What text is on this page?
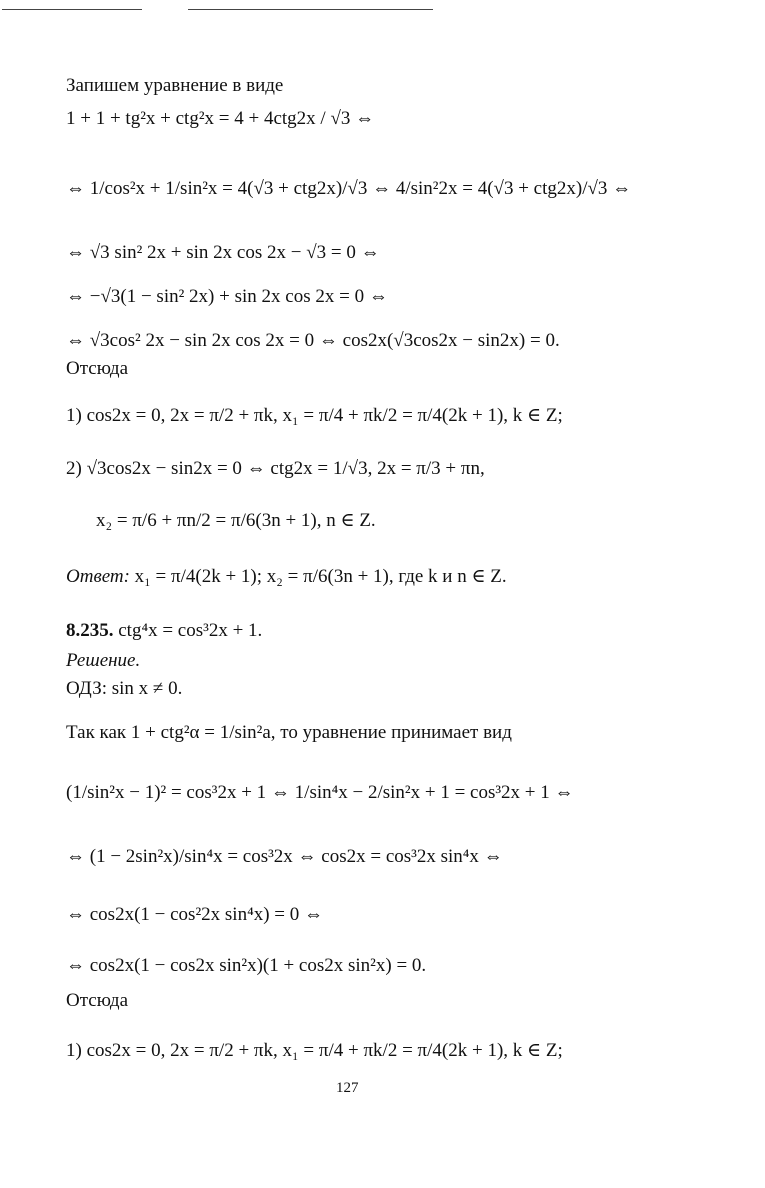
Запишем уравнение в виде
1 + 1 + tg²x + ctg²x = 4 + 4ctg2x / √3 ⇔
⇔ 1/cos²x + 1/sin²x = 4(√3 + ctg2x)/√3 ⇔ 4/sin²2x = 4(√3 + ctg2x)/√3 ⇔
⇔ √3 sin² 2x + sin 2x cos 2x − √3 = 0 ⇔
⇔ −√3(1 − sin² 2x) + sin 2x cos 2x = 0 ⇔
⇔ √3cos² 2x − sin 2x cos 2x = 0 ⇔ cos2x(√3cos2x − sin2x) = 0.
Отсюда
1) cos2x = 0, 2x = π/2 + πk, x₁ = π/4 + πk/2 = π/4(2k + 1), k ∈ Z;
2) √3cos2x − sin2x = 0 ⇔ ctg2x = 1/√3, 2x = π/3 + πn,
x₂ = π/6 + πn/2 = π/6(3n + 1), n ∈ Z.
Ответ: x₁ = π/4(2k + 1); x₂ = π/6(3n + 1), где k и n ∈ Z.
8.235. ctg⁴x = cos³2x + 1.
Решение.
ОДЗ: sin x ≠ 0.
Так как 1 + ctg²α = 1/sin²a, то уравнение принимает вид
(1/sin²x − 1)² = cos³2x + 1 ⇔ 1/sin⁴x − 2/sin²x + 1 = cos³2x + 1 ⇔
⇔ (1 − 2sin²x)/sin⁴x = cos³2x ⇔ cos2x = cos³2x sin⁴x ⇔
⇔ cos2x(1 − cos²2x sin⁴x) = 0 ⇔
⇔ cos2x(1 − cos2x sin²x)(1 + cos2x sin²x) = 0.
Отсюда
1) cos2x = 0, 2x = π/2 + πk, x₁ = π/4 + πk/2 = π/4(2k + 1), k ∈ Z;
127
